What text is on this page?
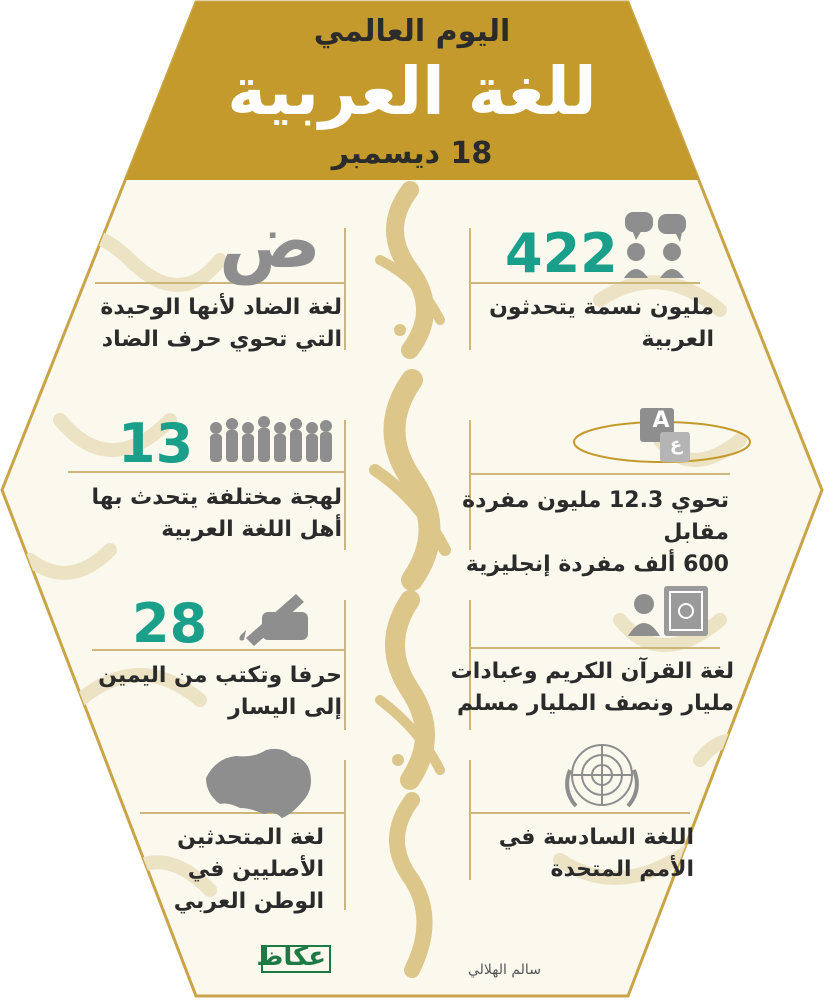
اليوم العالمي
للغة العربية
18 ديسمبر
422
مليون نسمة يتحدثون
العربية
A
ع
تحوي 12.3 مليون مفردة مقابل
600 ألف مفردة إنجليزية
لغة القرآن الكريم وعبادات
مليار ونصف المليار مسلم
اللغة السادسة في
الأمم المتحدة
ض
لغة الضاد لأنها الوحيدة
التي تحوي حرف الضاد
13
لهجة مختلفة يتحدث بها
أهل اللغة العربية
28
حرفا وتكتب من اليمين
إلى اليسار
لغة المتحدثين
الأصليين في
الوطن العربي
سالم الهلالي
عكاظ
